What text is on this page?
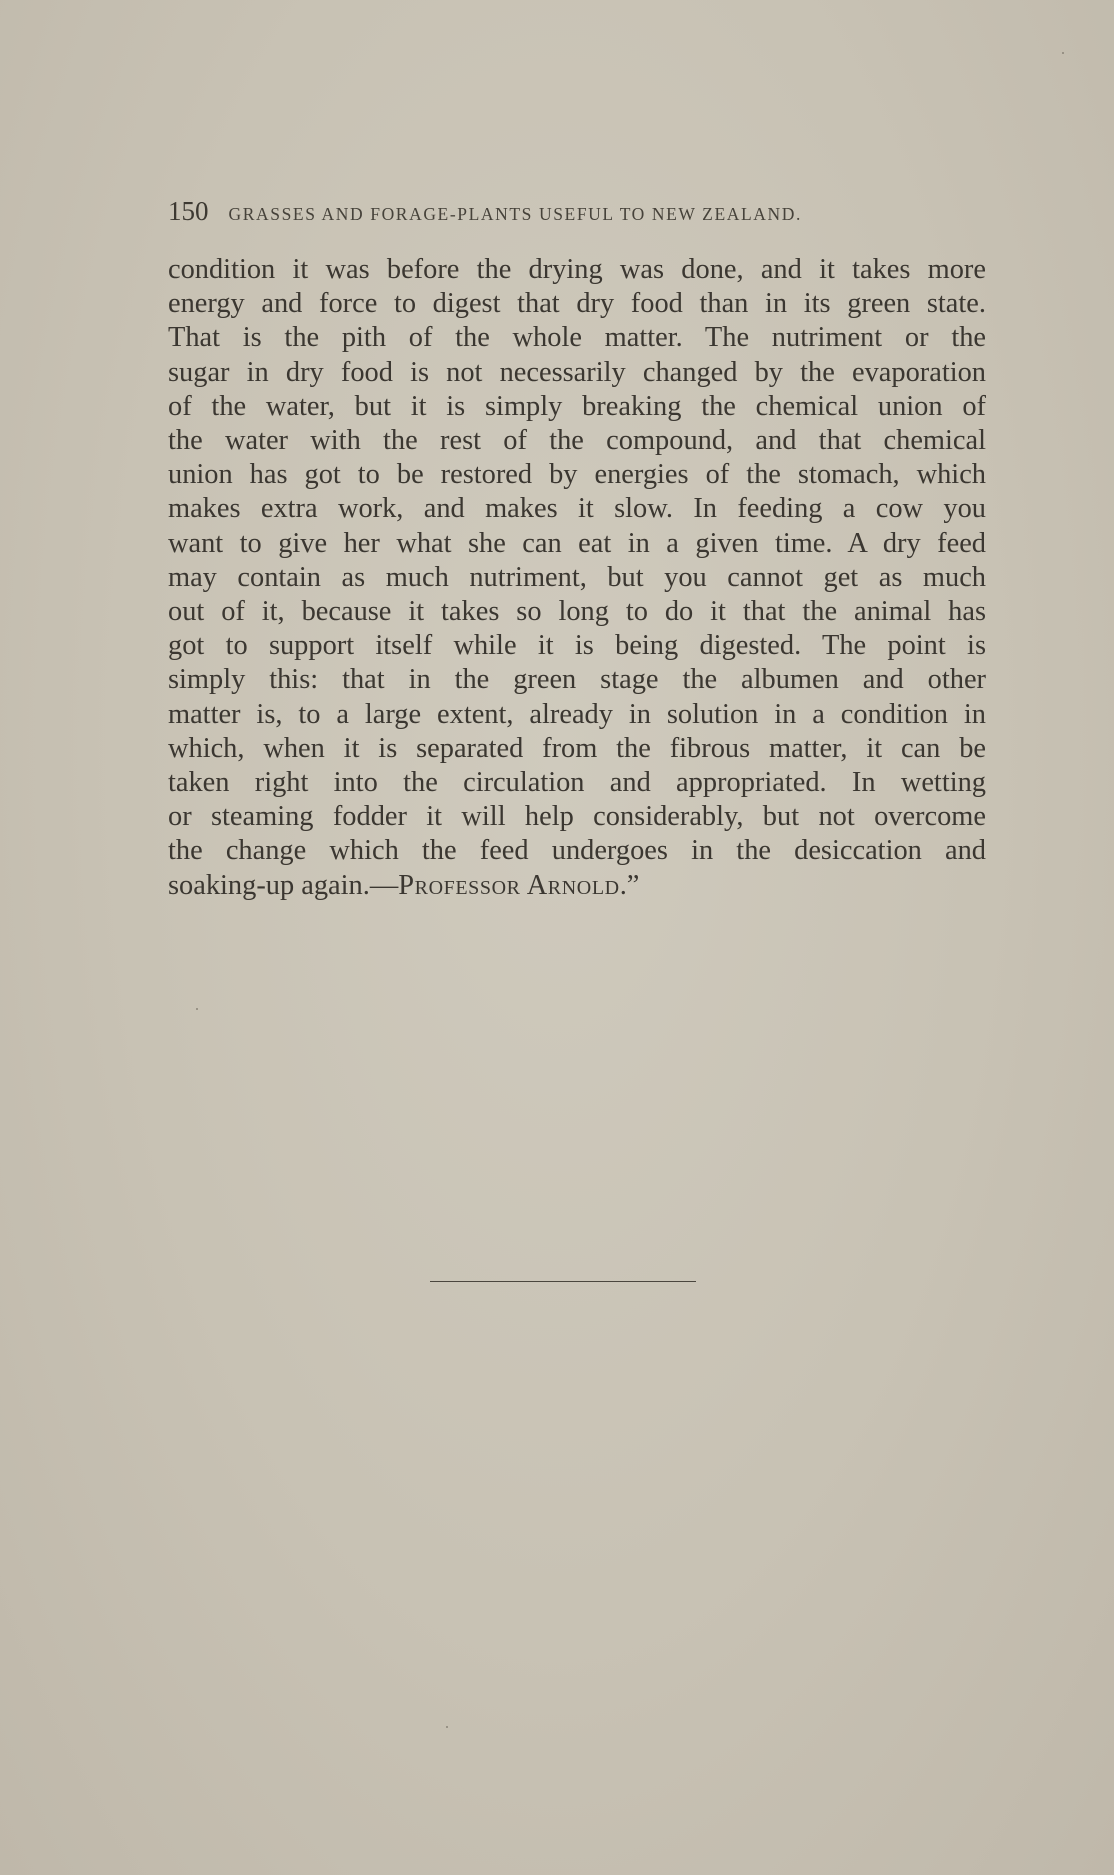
150 GRASSES AND FORAGE-PLANTS USEFUL TO NEW ZEALAND.
condition it was before the drying was done, and it takes more
energy and force to digest that dry food than in its green state.
That is the pith of the whole matter. The nutriment or the
sugar in dry food is not necessarily changed by the evaporation
of the water, but it is simply breaking the chemical union of
the water with the rest of the compound, and that chemical
union has got to be restored by energies of the stomach, which
makes extra work, and makes it slow. In feeding a cow you
want to give her what she can eat in a given time. A dry feed
may contain as much nutriment, but you cannot get as much
out of it, because it takes so long to do it that the animal has
got to support itself while it is being digested. The point is
simply this: that in the green stage the albumen and other
matter is, to a large extent, already in solution in a condition in
which, when it is separated from the fibrous matter, it can be
taken right into the circulation and appropriated. In wetting
or steaming fodder it will help considerably, but not overcome
the change which the feed undergoes in the desiccation and
soaking-up again.—Professor Arnold.”
